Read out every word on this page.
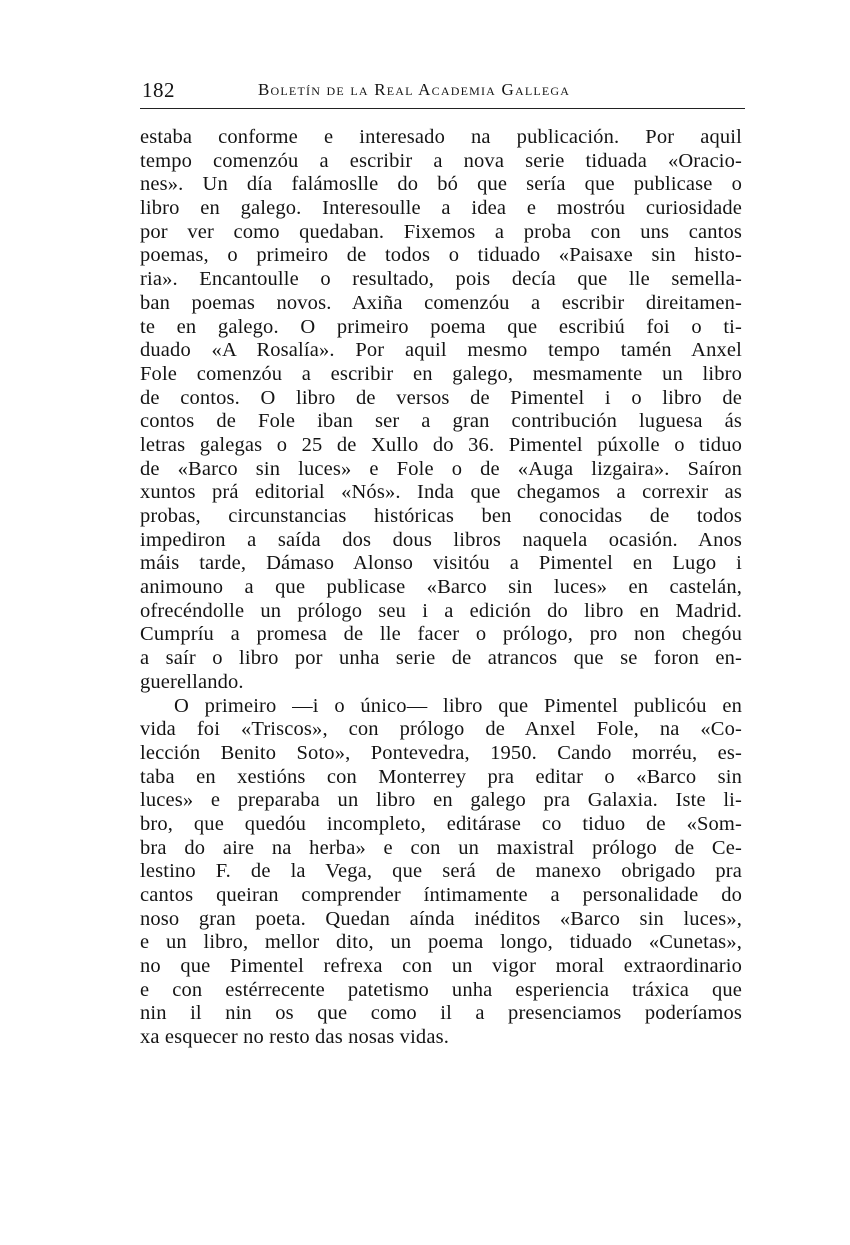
182	Boletín de la Real Academia Gallega
estaba conforme e interesado na publicación. Por aquil
tempo comenzóu a escribir a nova serie tiduada «Oracio-
nes». Un día falámoslle do bó que sería que publicase o
libro en galego. Interesoulle a idea e mostróu curiosidade
por ver como quedaban. Fixemos a proba con uns cantos
poemas, o primeiro de todos o tiduado «Paisaxe sin histo-
ria». Encantoulle o resultado, pois decía que lle semella-
ban poemas novos. Axiña comenzóu a escribir direitamen-
te en galego. O primeiro poema que escribiú foi o ti-
duado «A Rosalía». Por aquil mesmo tempo tamén Anxel
Fole comenzóu a escribir en galego, mesmamente un libro
de contos. O libro de versos de Pimentel i o libro de
contos de Fole iban ser a gran contribución luguesa ás
letras galegas o 25 de Xullo do 36. Pimentel púxolle o tiduo
de «Barco sin luces» e Fole o de «Auga lizgaira». Saíron
xuntos prá editorial «Nós». Inda que chegamos a correxir as
probas, circunstancias históricas ben conocidas de todos
impediron a saída dos dous libros naquela ocasión. Anos
máis tarde, Dámaso Alonso visitóu a Pimentel en Lugo i
animouno a que publicase «Barco sin luces» en castelán,
ofrecéndolle un prólogo seu i a edición do libro en Madrid.
Cumpríu a promesa de lle facer o prólogo, pro non chegóu
a saír o libro por unha serie de atrancos que se foron en-
guerellando.
O primeiro —i o único— libro que Pimentel publicóu en
vida foi «Triscos», con prólogo de Anxel Fole, na «Co-
lección Benito Soto», Pontevedra, 1950. Cando morréu, es-
taba en xestións con Monterrey pra editar o «Barco sin
luces» e preparaba un libro en galego pra Galaxia. Iste li-
bro, que quedóu incompleto, editárase co tiduo de «Som-
bra do aire na herba» e con un maxistral prólogo de Ce-
lestino F. de la Vega, que será de manexo obrigado pra
cantos queiran comprender íntimamente a personalidade do
noso gran poeta. Quedan aínda inéditos «Barco sin luces»,
e un libro, mellor dito, un poema longo, tiduado «Cunetas»,
no que Pimentel refrexa con un vigor moral extraordinario
e con estérrecente patetismo unha esperiencia tráxica que
nin il nin os que como il a presenciamos poderíamos
xa esquecer no resto das nosas vidas.
